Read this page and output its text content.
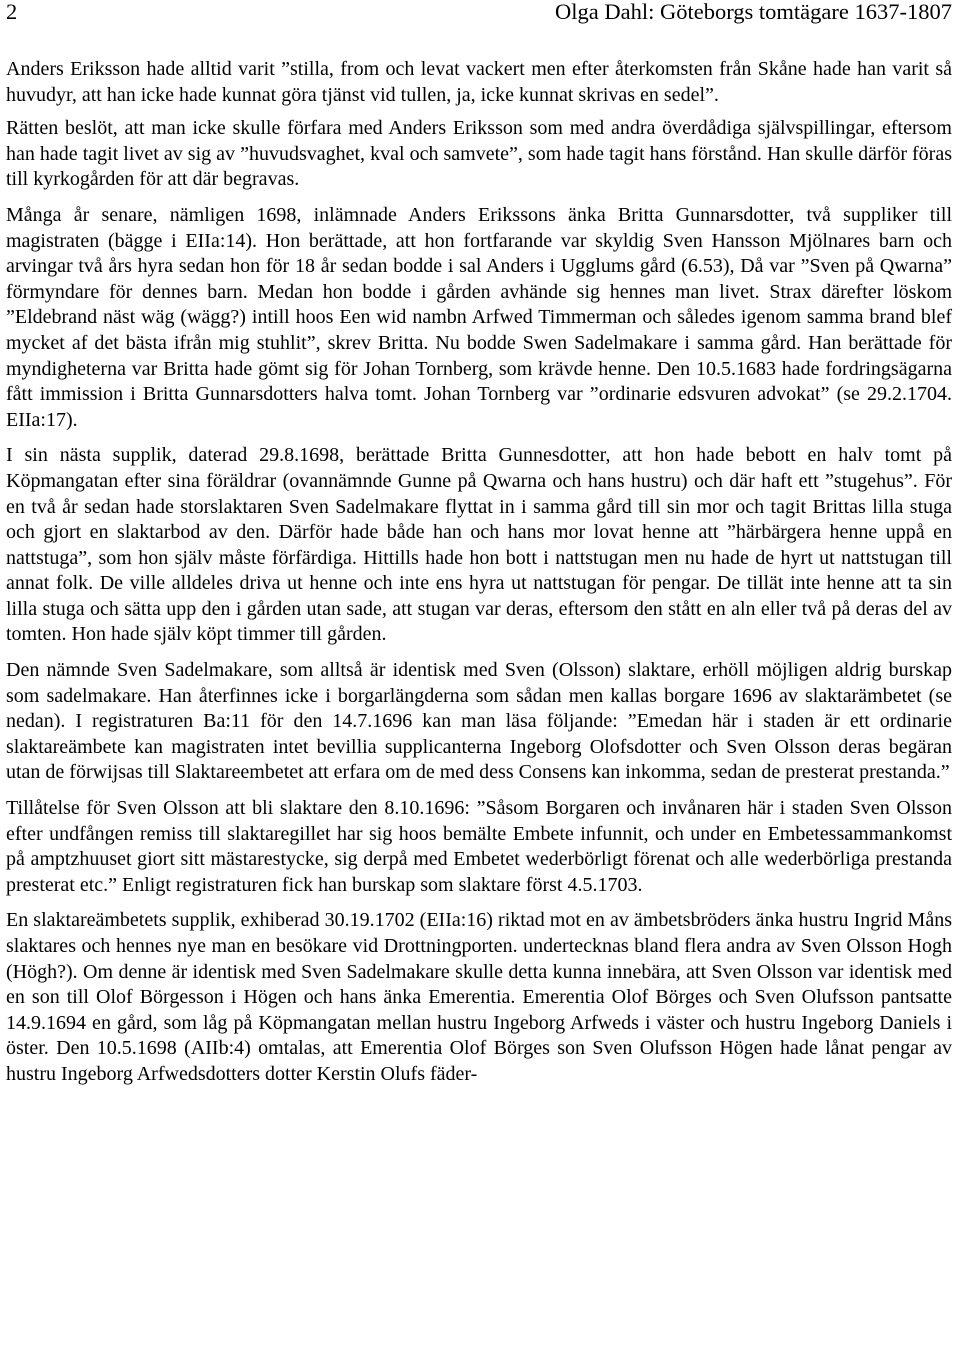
2	Olga Dahl: Göteborgs tomtägare 1637-1807

Anders Eriksson hade alltid varit ”stilla, from och levat vackert men efter återkomsten från Skåne hade han varit så huvudyr, att han icke hade kunnat göra tjänst vid tullen, ja, icke kunnat skrivas en sedel”.

Rätten beslöt, att man icke skulle förfara med Anders Eriksson som med andra överdådiga självspillingar, eftersom han hade tagit livet av sig av ”huvudsvaghet, kval och samvete”, som hade tagit hans förstånd. Han skulle därför föras till kyrkogården för att där begravas.

Många år senare, nämligen 1698, inlämnade Anders Erikssons änka Britta Gunnarsdotter, två suppliker till magistraten (bägge i EIIa:14). Hon berättade, att hon fortfarande var skyldig Sven Hansson Mjölnares barn och arvingar två års hyra sedan hon för 18 år sedan bodde i sal Anders i Ugglums gård (6.53), Då var ”Sven på Qwarna” förmyndare för dennes barn. Medan hon bodde i gården avhände sig hennes man livet. Strax därefter löskom ”Eldebrand näst wäg (wägg?) intill hoos Een wid nambn Arfwed Timmerman och således igenom samma brand blef mycket af det bästa ifrån mig stuhlit”, skrev Britta. Nu bodde Swen Sadelmakare i samma gård. Han berättade för myndigheterna var Britta hade gömt sig för Johan Tornberg, som krävde henne. Den 10.5.1683 hade fordringsägarna fått immission i Britta Gunnarsdotters halva tomt. Johan Tornberg var ”ordinarie edsvuren advokat” (se 29.2.1704. EIIa:17).

I sin nästa supplik, daterad 29.8.1698, berättade Britta Gunnesdotter, att hon hade bebott en halv tomt på Köpmangatan efter sina föräldrar (ovannämnde Gunne på Qwarna och hans hustru) och där haft ett ”stugehus”. För en två år sedan hade storslaktaren Sven Sadelmakare flyttat in i samma gård till sin mor och tagit Brittas lilla stuga och gjort en slaktarbod av den. Därför hade både han och hans mor lovat henne att ”härbärgera henne uppå en nattstuga”, som hon själv måste förfärdiga. Hittills hade hon bott i nattstugan men nu hade de hyrt ut nattstugan till annat folk. De ville alldeles driva ut henne och inte ens hyra ut nattstugan för pengar. De tillät inte henne att ta sin lilla stuga och sätta upp den i gården utan sade, att stugan var deras, eftersom den stått en aln eller två på deras del av tomten. Hon hade själv köpt timmer till gården.

Den nämnde Sven Sadelmakare, som alltså är identisk med Sven (Olsson) slaktare, erhöll möjligen aldrig burskap som sadelmakare. Han återfinnes icke i borgarlängderna som sådan men kallas borgare 1696 av slaktarämbetet (se nedan). I registraturen Ba:11 för den 14.7.1696 kan man läsa följande: ”Emedan här i staden är ett ordinarie slaktareämbete kan magistraten intet bevillia supplicanterna Ingeborg Olofsdotter och Sven Olsson deras begäran utan de förwijsas till Slaktareembetet att erfara om de med dess Consens kan inkomma, sedan de presterat prestanda.”

Tillåtelse för Sven Olsson att bli slaktare den 8.10.1696: ”Såsom Borgaren och invånaren här i staden Sven Olsson efter undfången remiss till slaktaregillet har sig hoos bemälte Embete infunnit, och under en Embetessammankomst på amptzhuuset giort sitt mästarestycke, sig derpå med Embetet wederbörligt förenat och alle wederbörliga prestanda presterat etc.” Enligt registraturen fick han burskap som slaktare först 4.5.1703.

En slaktareämbetets supplik, exhiberad 30.19.1702 (EIIa:16) riktad mot en av ämbetsbröders änka hustru Ingrid Måns slaktares och hennes nye man en besökare vid Drottningporten. undertecknas bland flera andra av Sven Olsson Hogh (Högh?). Om denne är identisk med Sven Sadelmakare skulle detta kunna innebära, att Sven Olsson var identisk med en son till Olof Börgesson i Högen och hans änka Emerentia. Emerentia Olof Börges och Sven Olufsson pantsatte 14.9.1694 en gård, som låg på Köpmangatan mellan hustru Ingeborg Arfweds i väster och hustru Ingeborg Daniels i öster. Den 10.5.1698 (AIIb:4) omtalas, att Emerentia Olof Börges son Sven Olufsson Högen hade lånat pengar av hustru Ingeborg Arfwedsdotters dotter Kerstin Olufs fäder-
